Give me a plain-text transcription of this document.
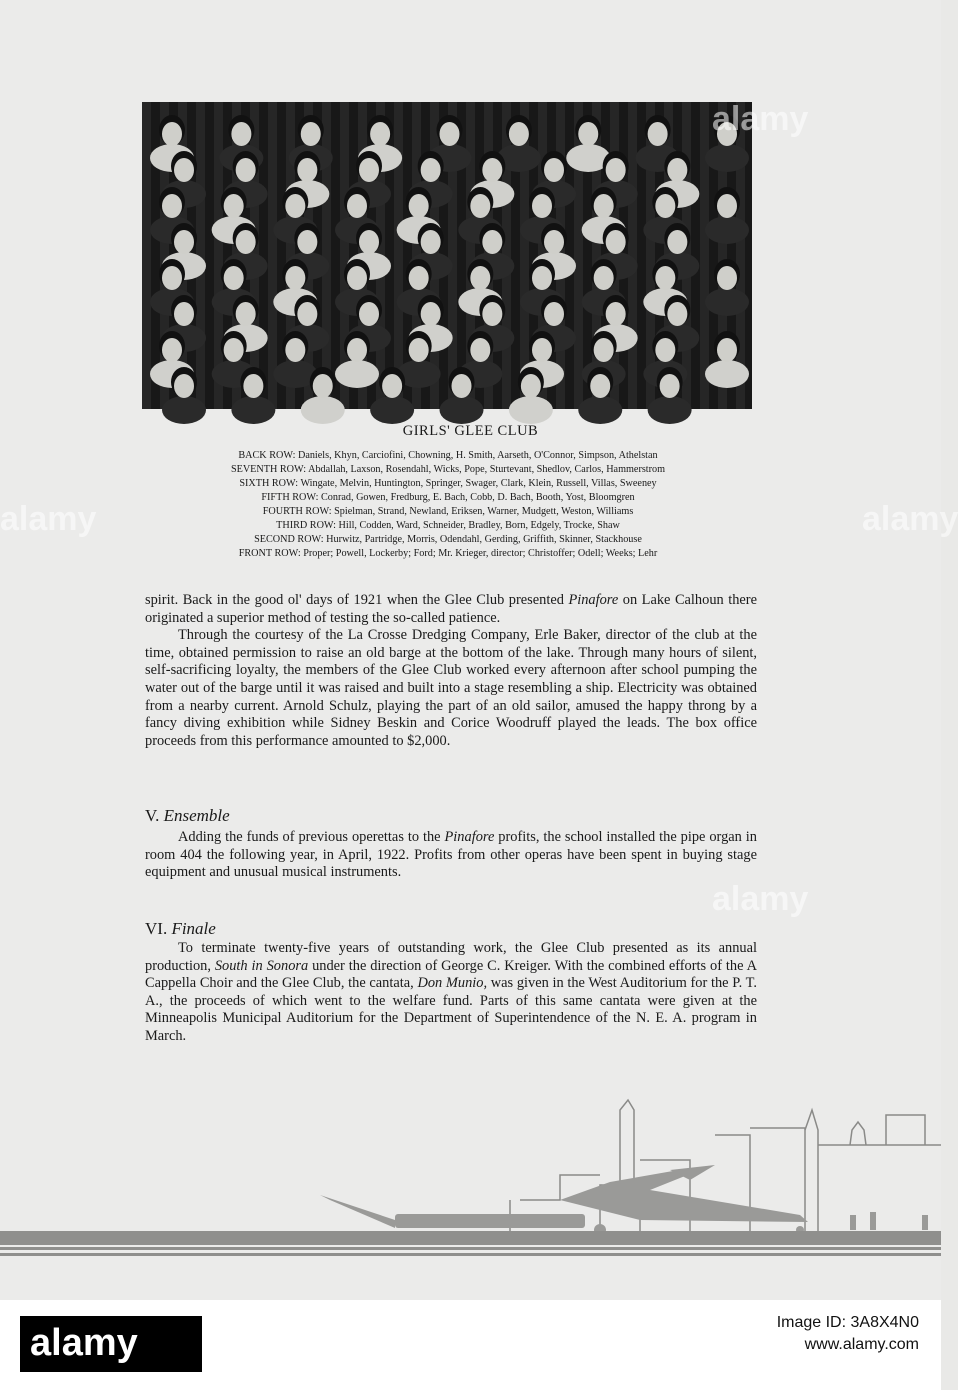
GIRLS' GLEE CLUB
BACK ROW: Daniels, Khyn, Carciofini, Chowning, H. Smith, Aarseth, O'Connor, Simpson, Athelstan
SEVENTH ROW: Abdallah, Laxson, Rosendahl, Wicks, Pope, Sturtevant, Shedlov, Carlos, Hammerstrom
SIXTH ROW: Wingate, Melvin, Huntington, Springer, Swager, Clark, Klein, Russell, Villas, Sweeney
FIFTH ROW: Conrad, Gowen, Fredburg, E. Bach, Cobb, D. Bach, Booth, Yost, Bloomgren
FOURTH ROW: Spielman, Strand, Newland, Eriksen, Warner, Mudgett, Weston, Williams
THIRD ROW: Hill, Codden, Ward, Schneider, Bradley, Born, Edgely, Trocke, Shaw
SECOND ROW: Hurwitz, Partridge, Morris, Odendahl, Gerding, Griffith, Skinner, Stackhouse
FRONT ROW: Proper; Powell, Lockerby; Ford; Mr. Krieger, director; Christoffer; Odell; Weeks; Lehr

spirit. Back in the good ol' days of 1921 when the Glee Club presented Pinafore on Lake Calhoun there originated a superior method of testing the so-called patience.

Through the courtesy of the La Crosse Dredging Company, Erle Baker, director of the club at the time, obtained permission to raise an old barge at the bottom of the lake. Through many hours of silent, self-sacrificing loyalty, the members of the Glee Club worked every afternoon after school pumping the water out of the barge until it was raised and built into a stage resembling a ship. Electricity was obtained from a nearby current. Arnold Schulz, playing the part of an old sailor, amused the happy throng by a fancy diving exhibition while Sidney Beskin and Corice Woodruff played the leads. The box office proceeds from this performance amounted to $2,000.

V. Ensemble

Adding the funds of previous operettas to the Pinafore profits, the school installed the pipe organ in room 404 the following year, in April, 1922. Profits from other operas have been spent in buying stage equipment and unusual musical instruments.

VI. Finale

To terminate twenty-five years of outstanding work, the Glee Club presented as its annual production, South in Sonora under the direction of George C. Kreiger. With the combined efforts of the A Cappella Choir and the Glee Club, the cantata, Don Munio, was given in the West Auditorium for the P. T. A., the proceeds of which went to the welfare fund. Parts of this same cantata were given at the Minneapolis Municipal Auditorium for the Department of Superintendence of the N. E. A. program in March.

alamy
alamy
alamy
alamy
alamy	Image ID: 3A8X4N0
www.alamy.com
